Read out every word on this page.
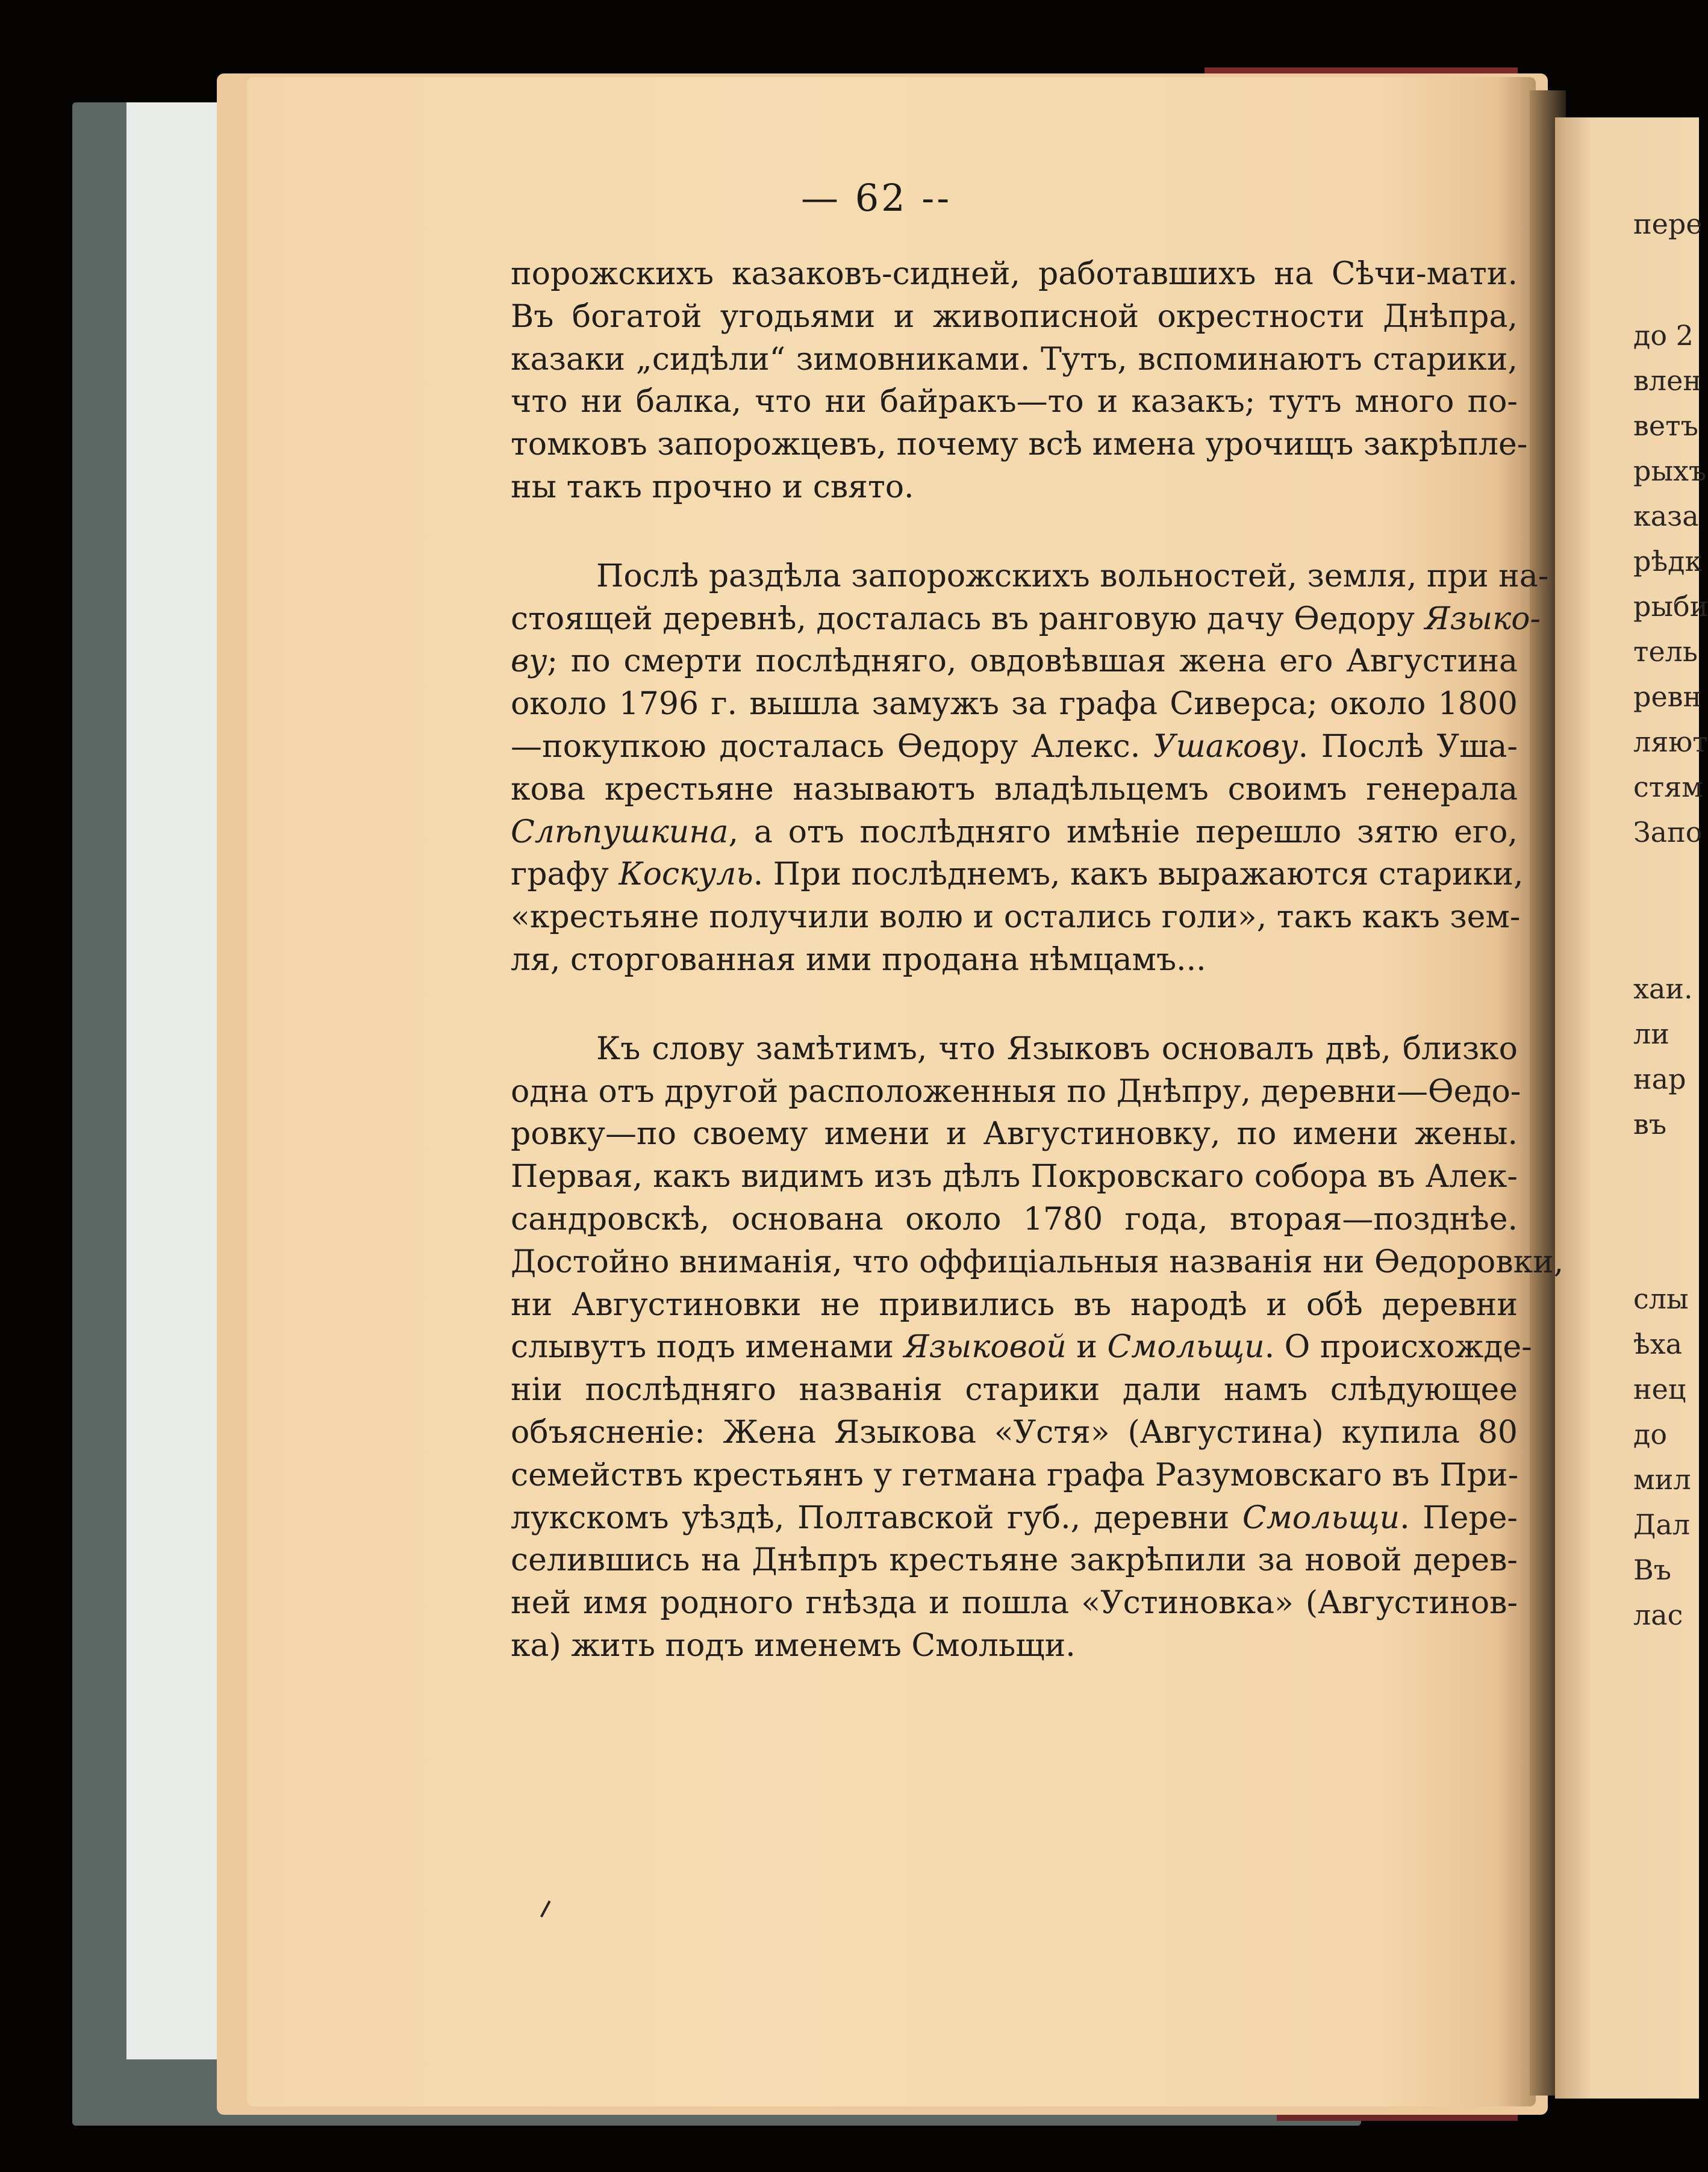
пере
до 2
влен
ветъ
рыхъ
каза
рѣдк
рыби
тель
ревн
ляют
стям
Запо
хаи.
ли
нар
въ
слы
ѣха
нец
до
мил
Дал
Въ
лас
— 62 --

порожскихъ казаковъ-сидней, работавшихъ на Сѣчи-мати.
Въ богатой угодьями и живописной окрестности Днѣпра,
казаки „сидѣли“ зимовниками. Тутъ, вспоминаютъ старики,
что ни балка, что ни байракъ—то и казакъ; тутъ много по-
томковъ запорожцевъ, почему всѣ имена урочищъ закрѣпле-
ны такъ прочно и свято.

Послѣ раздѣла запорожскихъ вольностей, земля, при на-
стоящей деревнѣ, досталась въ ранговую дачу Ѳедору Языко-
ву; по смерти послѣдняго, овдовѣвшая жена его Августина
около 1796 г. вышла замужъ за графа Сиверса; около 1800
—покупкою досталась Ѳедору Алекс. Ушакову. Послѣ Уша-
кова крестьяне называютъ владѣльцемъ своимъ генерала
Слѣпушкина, а отъ послѣдняго имѣніе перешло зятю его,
графу Коскуль. При послѣднемъ, какъ выражаются старики,
«крестьяне получили волю и остались голи», такъ какъ зем-
ля, сторгованная ими продана нѣмцамъ...

Къ слову замѣтимъ, что Языковъ основалъ двѣ, близко
одна отъ другой расположенныя по Днѣпру, деревни—Ѳедо-
ровку—по своему имени и Августиновку, по имени жены.
Первая, какъ видимъ изъ дѣлъ Покровскаго собора въ Алек-
сандровскѣ, основана около 1780 года, вторая—позднѣе.
Достойно вниманія, что оффиціальныя названія ни Ѳедоровки,
ни Августиновки не привились въ народѣ и обѣ деревни
слывутъ подъ именами Языковой и Смольщи. О происхожде-
ніи послѣдняго названія старики дали намъ слѣдующее
объясненіе: Жена Языкова «Устя» (Августина) купила 80
семействъ крестьянъ у гетмана графа Разумовскаго въ При-
лукскомъ уѣздѣ, Полтавской губ., деревни Смольщи. Пере-
селившись на Днѣпръ крестьяне закрѣпили за новой дерев-
ней имя родного гнѣзда и пошла «Устиновка» (Августинов-
ка) жить подъ именемъ Смольщи.
